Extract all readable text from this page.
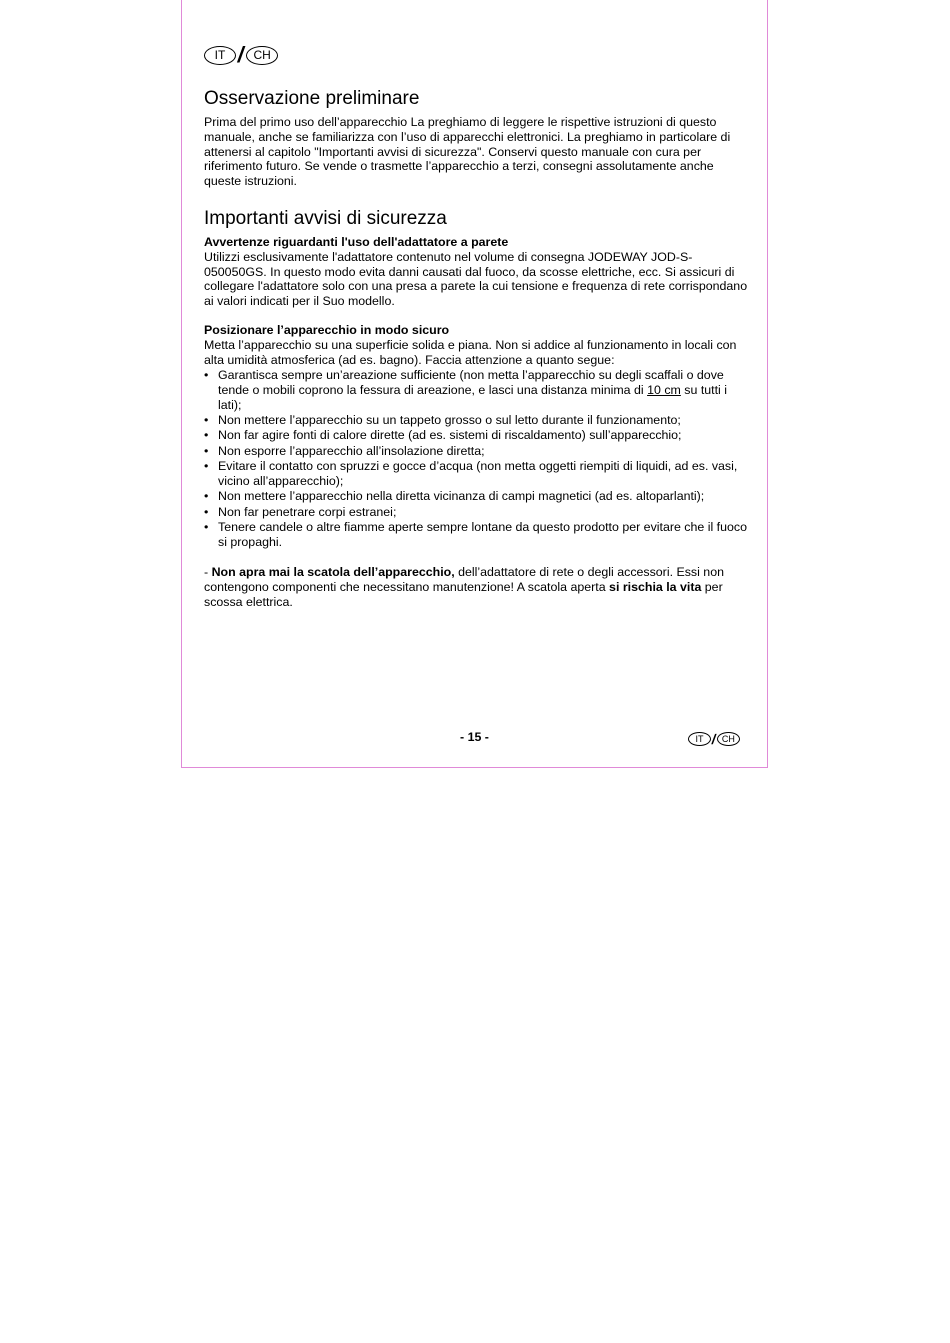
IT / CH
Osservazione preliminare

Prima del primo uso dell’apparecchio La preghiamo di leggere le rispettive istruzioni di questo manuale, anche se familiarizza con l’uso di apparecchi elettronici. La preghiamo in particolare di attenersi al capitolo "Importanti avvisi di sicurezza". Conservi questo manuale con cura per riferimento futuro. Se vende o trasmette l’apparecchio a terzi, consegni assolutamente anche queste istruzioni.

Importanti avvisi di sicurezza

Avvertenze riguardanti l'uso dell'adattatore a parete

Utilizzi esclusivamente l'adattatore contenuto nel volume di consegna JODEWAY JOD-S-050050GS. In questo modo evita danni causati dal fuoco, da scosse elettriche, ecc. Si assicuri di collegare l'adattatore solo con una presa a parete la cui tensione e frequenza di rete corrispondano ai valori indicati per il Suo modello.

Posizionare l’apparecchio in modo sicuro

Metta l’apparecchio su una superficie solida e piana. Non si addice al funzionamento in locali con alta umidità atmosferica (ad es. bagno). Faccia attenzione a quanto segue:

• Garantisca sempre un’areazione sufficiente (non metta l’apparecchio su degli scaffali o dove tende o mobili coprono la fessura di areazione, e lasci una distanza minima di 10 cm su tutti i lati);
• Non mettere l’apparecchio su un tappeto grosso o sul letto durante il funzionamento;
• Non far agire fonti di calore dirette (ad es. sistemi di riscaldamento) sull’apparecchio;
• Non esporre l’apparecchio all’insolazione diretta;
• Evitare il contatto con spruzzi e gocce d’acqua (non metta oggetti riempiti di liquidi, ad es. vasi, vicino all’apparecchio);
• Non mettere l’apparecchio nella diretta vicinanza di campi magnetici (ad es. altoparlanti);
• Non far penetrare corpi estranei;
• Tenere candele o altre fiamme aperte sempre lontane da questo prodotto per evitare che il fuoco si propaghi.

- Non apra mai la scatola dell’apparecchio, dell’adattatore di rete o degli accessori. Essi non contengono componenti che necessitano manutenzione! A scatola aperta si rischia la vita per scossa elettrica.

- 15 -	IT / CH
